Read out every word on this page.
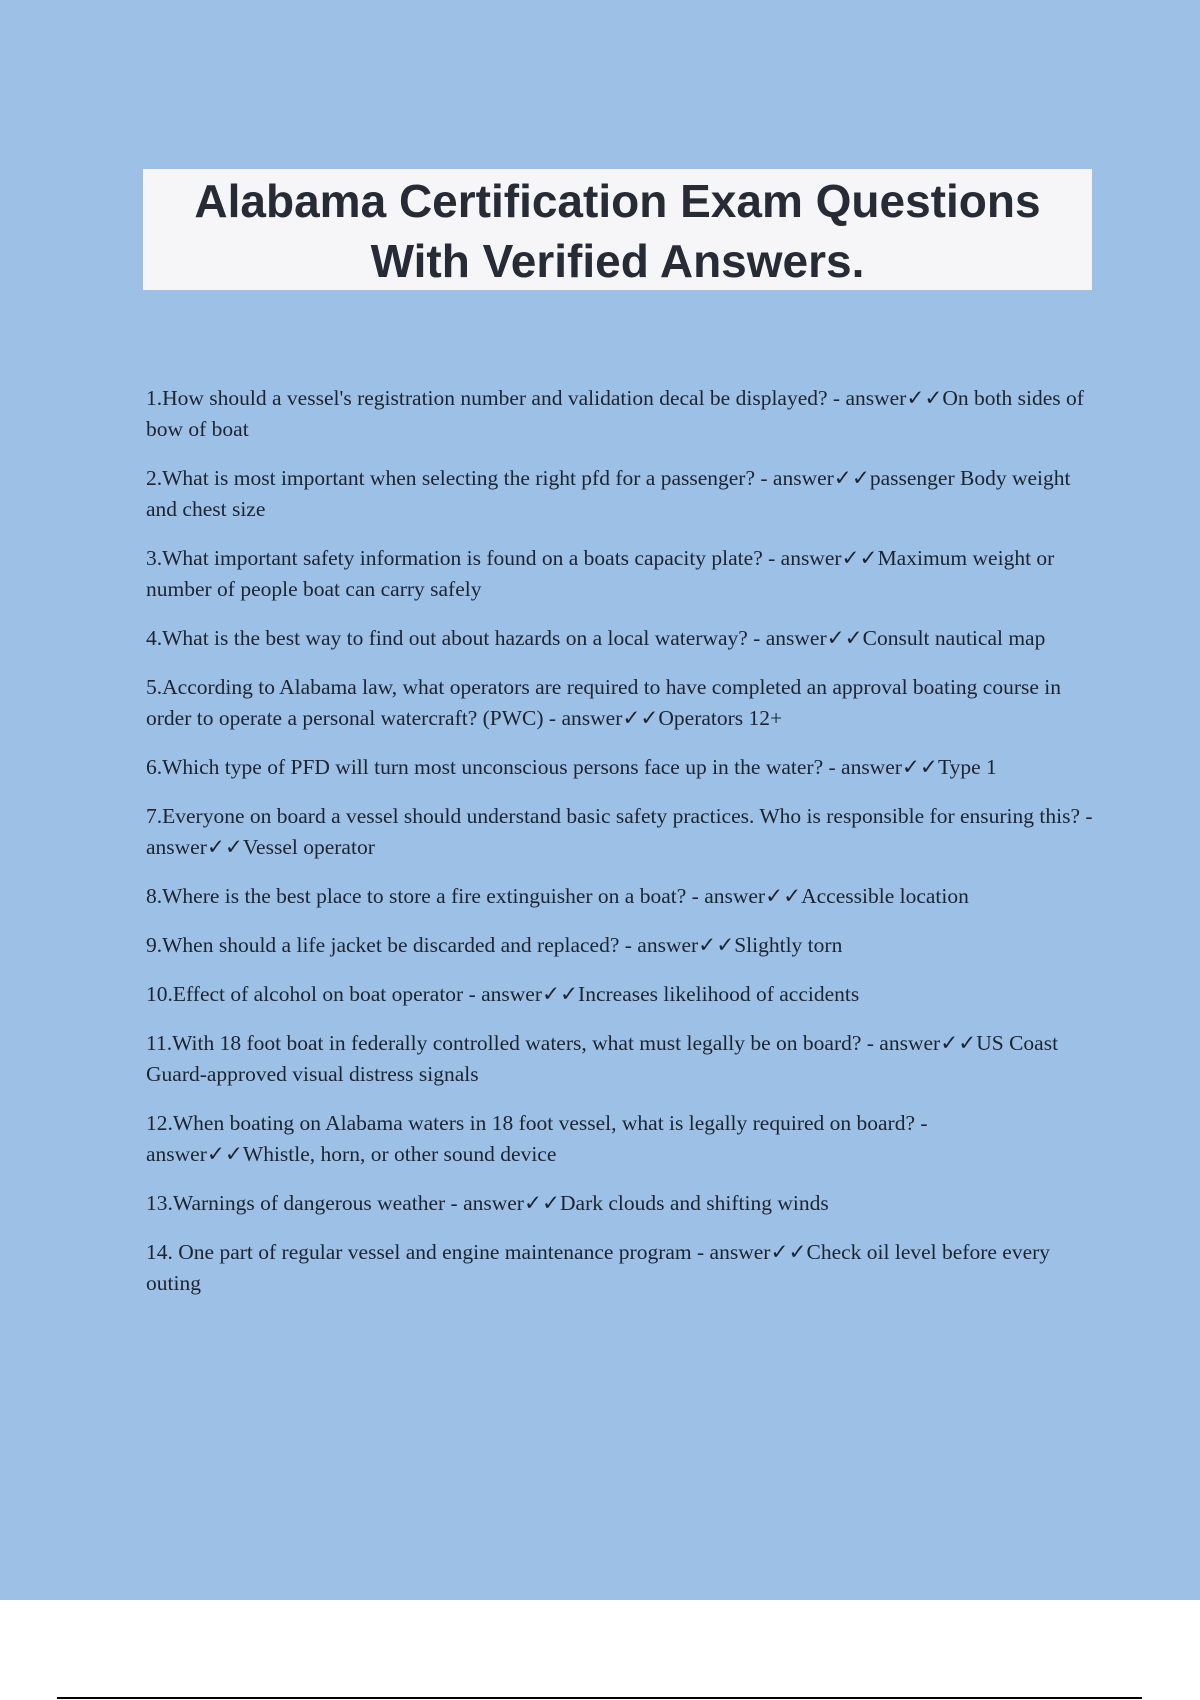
Alabama Certification Exam Questions
With Verified Answers.
1.How should a vessel's registration number and validation decal be displayed? - answer✓✓On both sides of bow of boat
2.What is most important when selecting the right pfd for a passenger? - answer✓✓passenger Body weight and chest size
3.What important safety information is found on a boats capacity plate? - answer✓✓Maximum weight or number of people boat can carry safely
4.What is the best way to find out about hazards on a local waterway? - answer✓✓Consult nautical map
5.According to Alabama law, what operators are required to have completed an approval boating course in order to operate a personal watercraft? (PWC) - answer✓✓Operators 12+
6.Which type of PFD will turn most unconscious persons face up in the water? - answer✓✓Type 1
7.Everyone on board a vessel should understand basic safety practices. Who is responsible for ensuring this? - answer✓✓Vessel operator
8.Where is the best place to store a fire extinguisher on a boat? - answer✓✓Accessible location
9.When should a life jacket be discarded and replaced? - answer✓✓Slightly torn
10.Effect of alcohol on boat operator - answer✓✓Increases likelihood of accidents
11.With 18 foot boat in federally controlled waters, what must legally be on board? - answer✓✓US Coast Guard-approved visual distress signals
12.When boating on Alabama waters in 18 foot vessel, what is legally required on board? - answer✓✓Whistle, horn, or other sound device
13.Warnings of dangerous weather - answer✓✓Dark clouds and shifting winds
14. One part of regular vessel and engine maintenance program - answer✓✓Check oil level before every outing
